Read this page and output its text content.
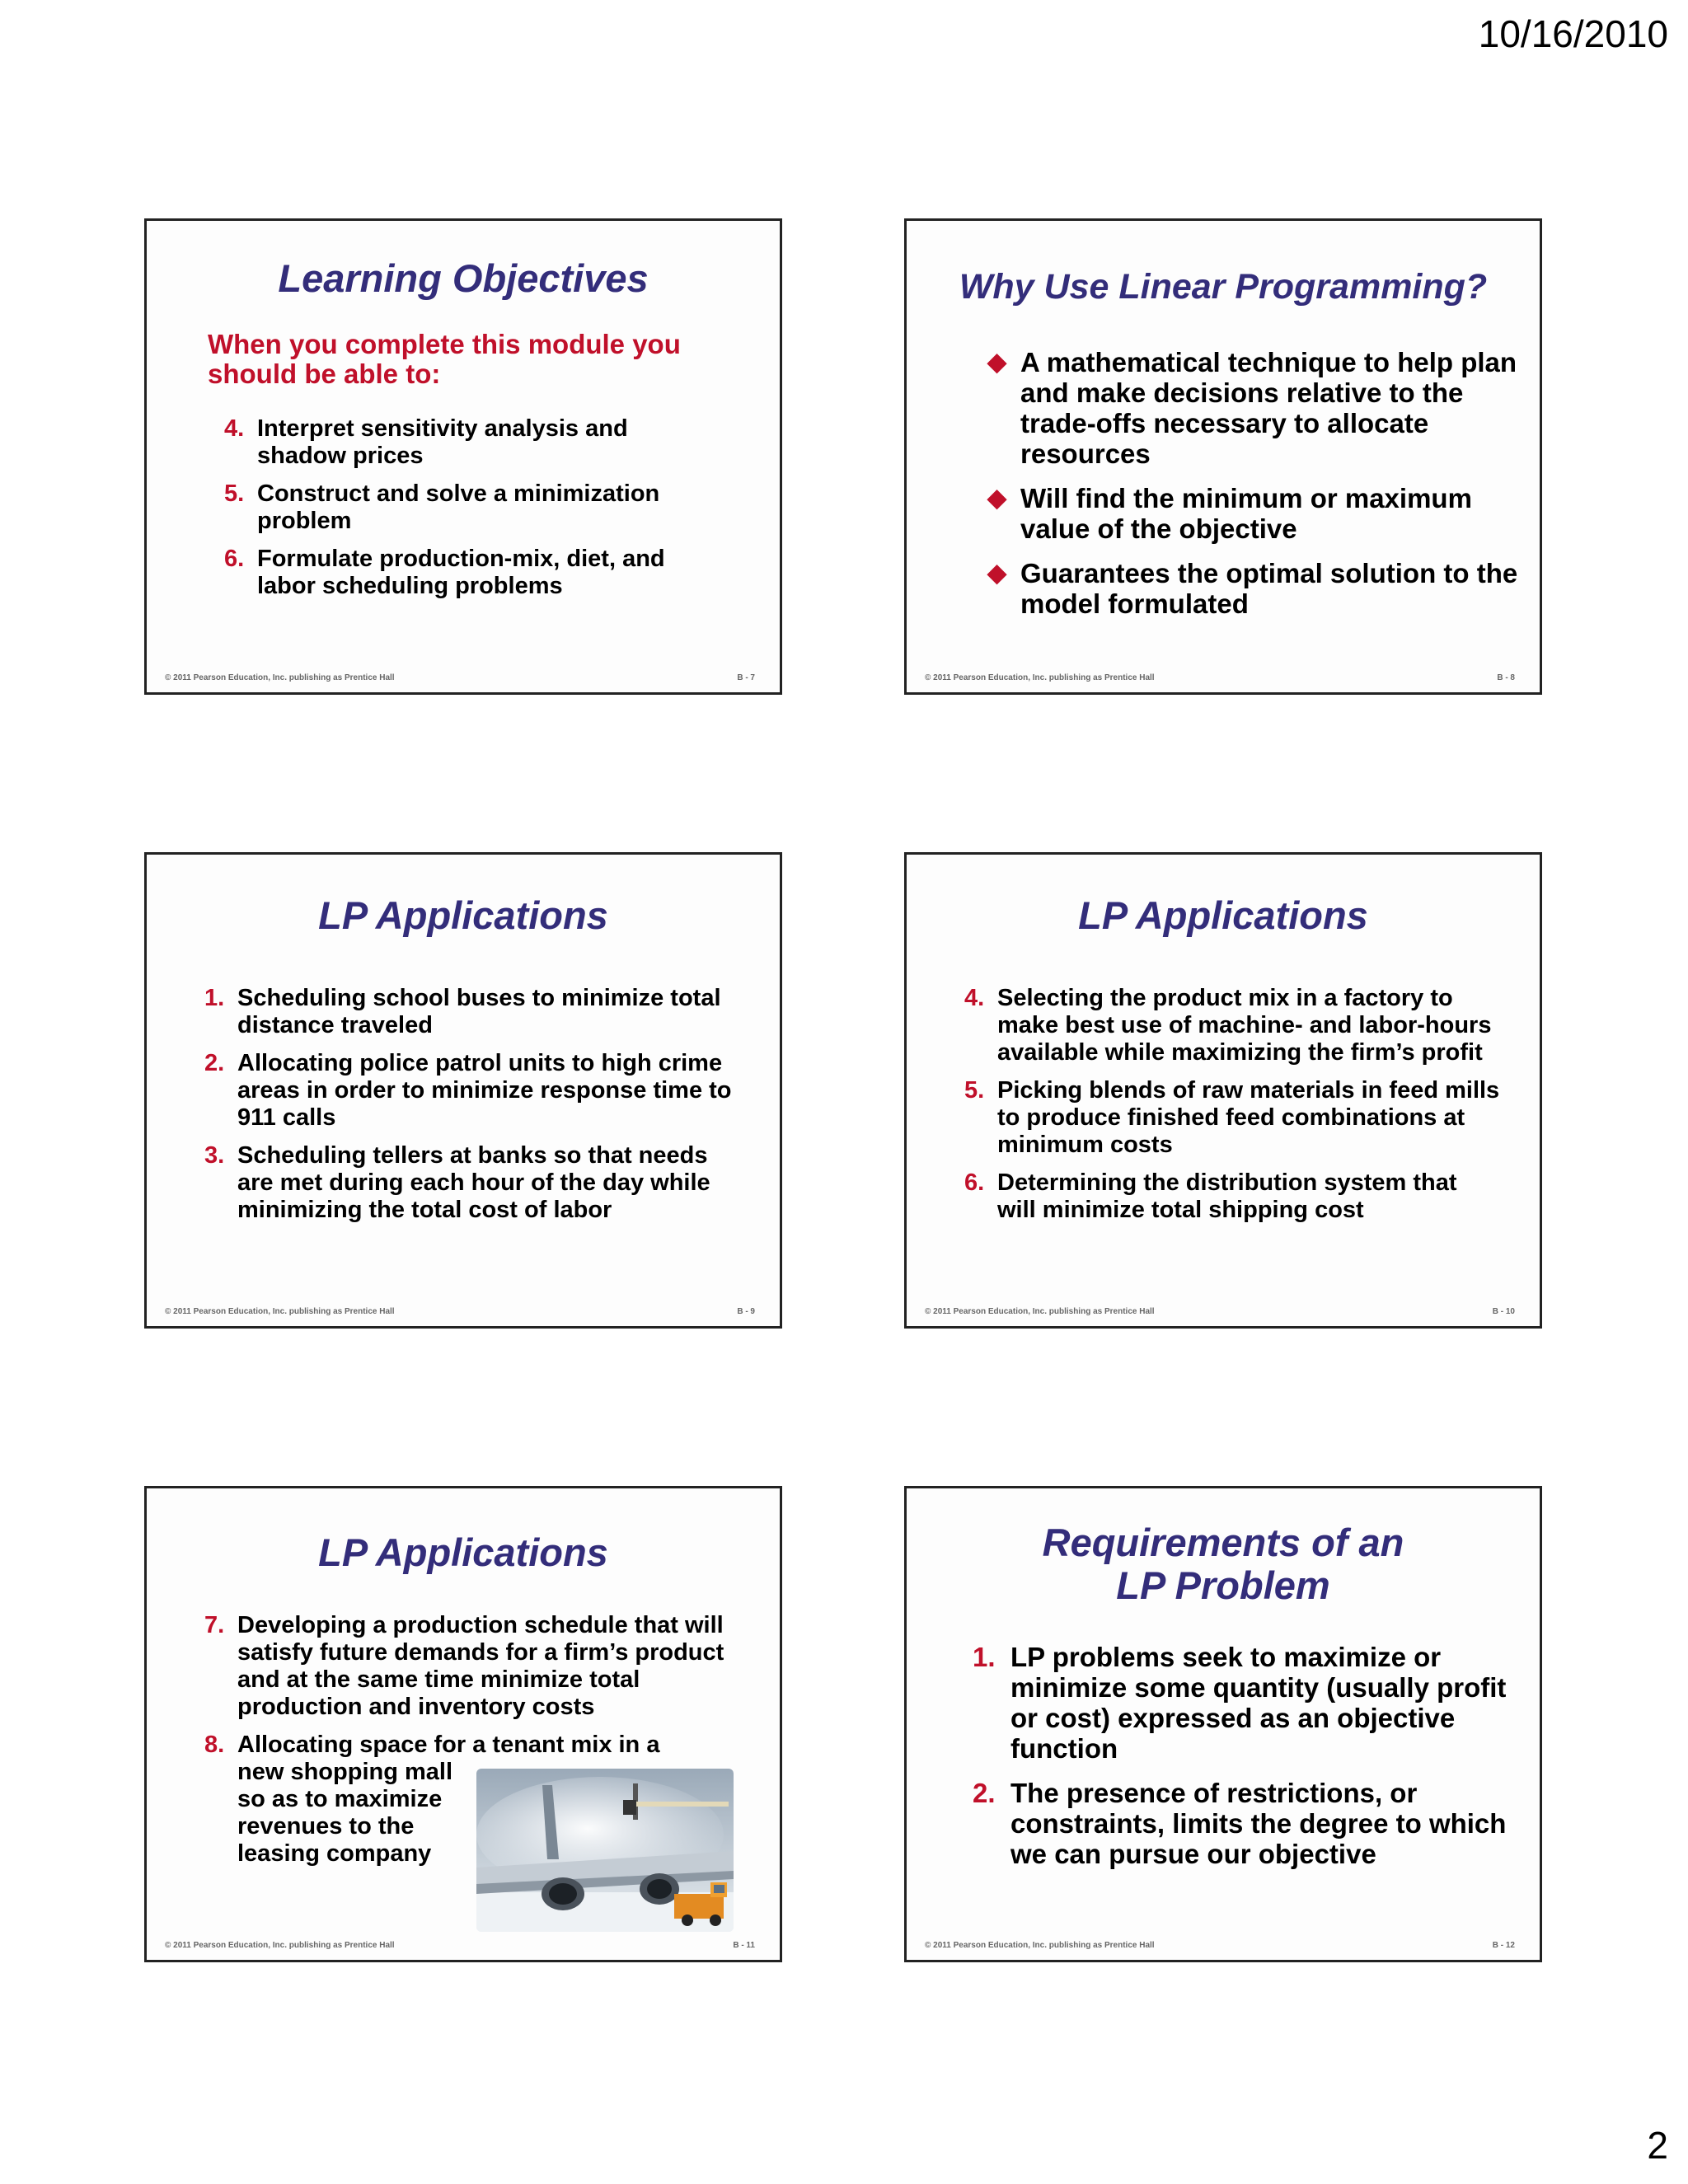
10/16/2010
Learning Objectives
When you complete this module you should be able to:
4. Interpret sensitivity analysis and shadow prices
5. Construct and solve a minimization problem
6. Formulate production-mix, diet, and labor scheduling problems
© 2011 Pearson Education, Inc. publishing as Prentice Hall	B - 7
Why Use Linear Programming?
◆ A mathematical technique to help plan and make decisions relative to the trade-offs necessary to allocate resources
◆ Will find the minimum or maximum value of the objective
◆ Guarantees the optimal solution to the model formulated
© 2011 Pearson Education, Inc. publishing as Prentice Hall	B - 8
LP Applications
1. Scheduling school buses to minimize total distance traveled
2. Allocating police patrol units to high crime areas in order to minimize response time to 911 calls
3. Scheduling tellers at banks so that needs are met during each hour of the day while minimizing the total cost of labor
© 2011 Pearson Education, Inc. publishing as Prentice Hall	B - 9
LP Applications
4. Selecting the product mix in a factory to make best use of machine- and labor-hours available while maximizing the firm’s profit
5. Picking blends of raw materials in feed mills to produce finished feed combinations at minimum costs
6. Determining the distribution system that will minimize total shipping cost
© 2011 Pearson Education, Inc. publishing as Prentice Hall	B - 10
LP Applications
7. Developing a production schedule that will satisfy future demands for a firm’s product and at the same time minimize total production and inventory costs
8. Allocating space for a tenant mix in a
new shopping mall
so as to maximize
revenues to the
leasing company
© 2011 Pearson Education, Inc. publishing as Prentice Hall	B - 11
Requirements of an
LP Problem
1. LP problems seek to maximize or minimize some quantity (usually profit or cost) expressed as an objective function
2. The presence of restrictions, or constraints, limits the degree to which we can pursue our objective
© 2011 Pearson Education, Inc. publishing as Prentice Hall	B - 12
2
